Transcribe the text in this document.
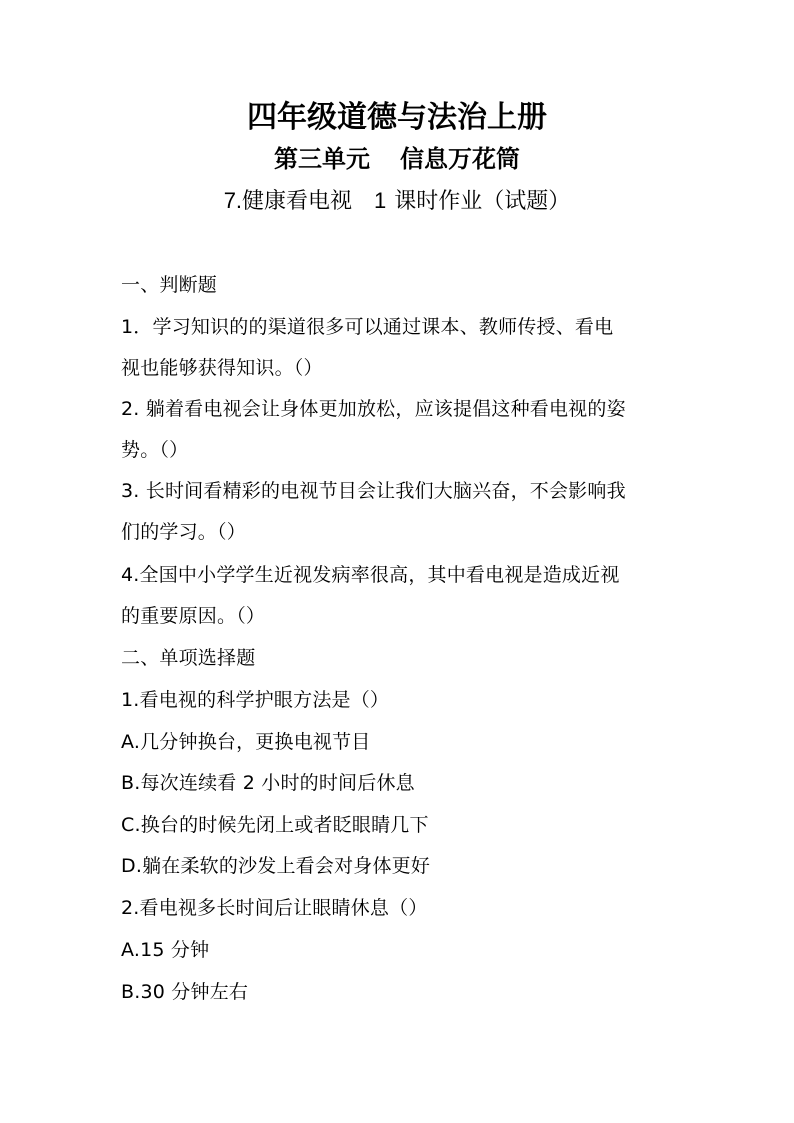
四年级道德与法治上册
第三单元 信息万花筒
7.健康看电视 1 课时作业（试题）
一、判断题
1．学习知识的的渠道很多可以通过课本、教师传授、看电
视也能够获得知识。（）
2. 躺着看电视会让身体更加放松，应该提倡这种看电视的姿
势。（）
3. 长时间看精彩的电视节目会让我们大脑兴奋，不会影响我
们的学习。（）
4.全国中小学学生近视发病率很高，其中看电视是造成近视
的重要原因。（）
二、单项选择题
1.看电视的科学护眼方法是（）
A.几分钟换台，更换电视节目
B.每次连续看 2 小时的时间后休息
C.换台的时候先闭上或者眨眼睛几下
D.躺在柔软的沙发上看会对身体更好
2.看电视多长时间后让眼睛休息（）
A.15 分钟
B.30 分钟左右
